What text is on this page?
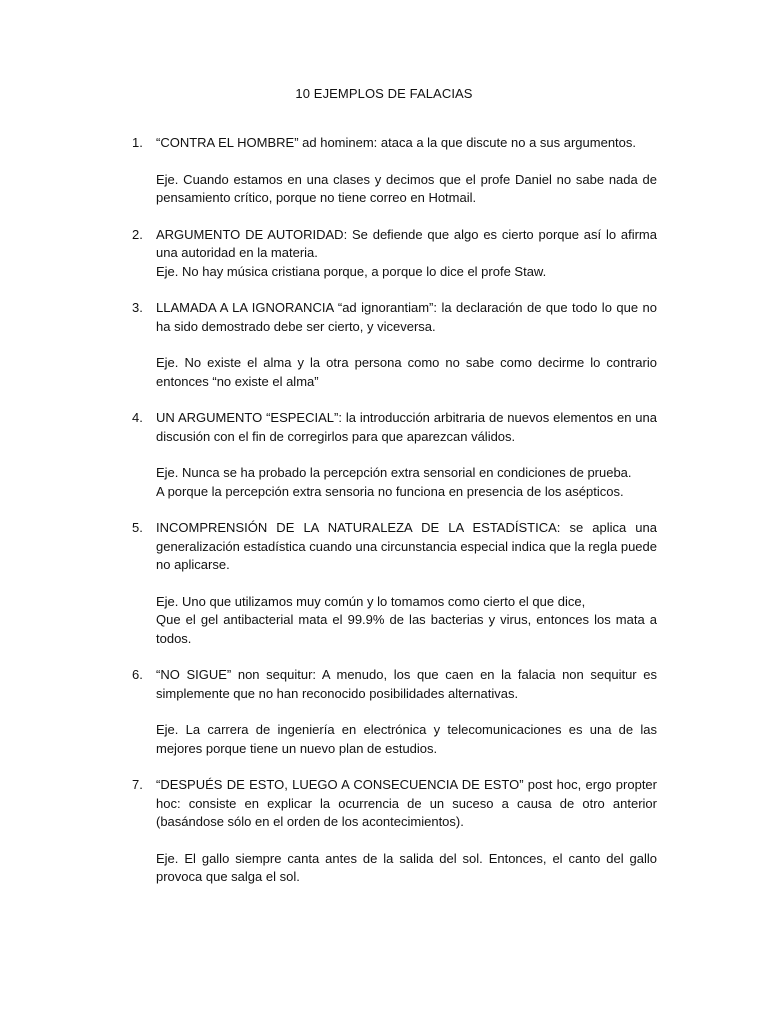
10 EJEMPLOS DE FALACIAS
1. “CONTRA EL HOMBRE” ad hominem: ataca a la que discute no a sus argumentos.

Eje. Cuando estamos en una clases y decimos que el profe Daniel no sabe nada de pensamiento crítico, porque no tiene correo en Hotmail.

2. ARGUMENTO DE AUTORIDAD: Se defiende que algo es cierto porque así lo afirma una autoridad en la materia.

Eje. No hay música cristiana porque, a porque lo dice el profe Staw.

3. LLAMADA A LA IGNORANCIA “ad ignorantiam”: la declaración de que todo lo que no ha sido demostrado debe ser cierto, y viceversa.

Eje. No existe el alma y la otra persona como no sabe como decirme lo contrario entonces “no existe el alma”

4. UN ARGUMENTO “ESPECIAL”: la introducción arbitraria de nuevos elementos en una discusión con el fin de corregirlos para que aparezcan válidos.

Eje. Nunca se ha probado la percepción extra sensorial en condiciones de prueba.

A porque la percepción extra sensoria no funciona en presencia de los asépticos.

5. INCOMPRENSIÓN DE LA NATURALEZA DE LA ESTADÍSTICA: se aplica una generalización estadística cuando una circunstancia especial indica que la regla puede no aplicarse.

Eje. Uno que utilizamos muy común y lo tomamos como cierto el que dice,

Que el gel antibacterial mata el 99.9% de las bacterias y virus, entonces los mata a todos.

6. “NO SIGUE” non sequitur: A menudo, los que caen en la falacia non sequitur es simplemente que no han reconocido posibilidades alternativas.

Eje. La carrera de ingeniería en electrónica y telecomunicaciones es una de las mejores porque tiene un nuevo plan de estudios.

7. “DESPUÉS DE ESTO, LUEGO A CONSECUENCIA DE ESTO” post hoc, ergo propter hoc: consiste en explicar la ocurrencia de un suceso a causa de otro anterior (basándose sólo en el orden de los acontecimientos).

Eje. El gallo siempre canta antes de la salida del sol. Entonces, el canto del gallo provoca que salga el sol.
